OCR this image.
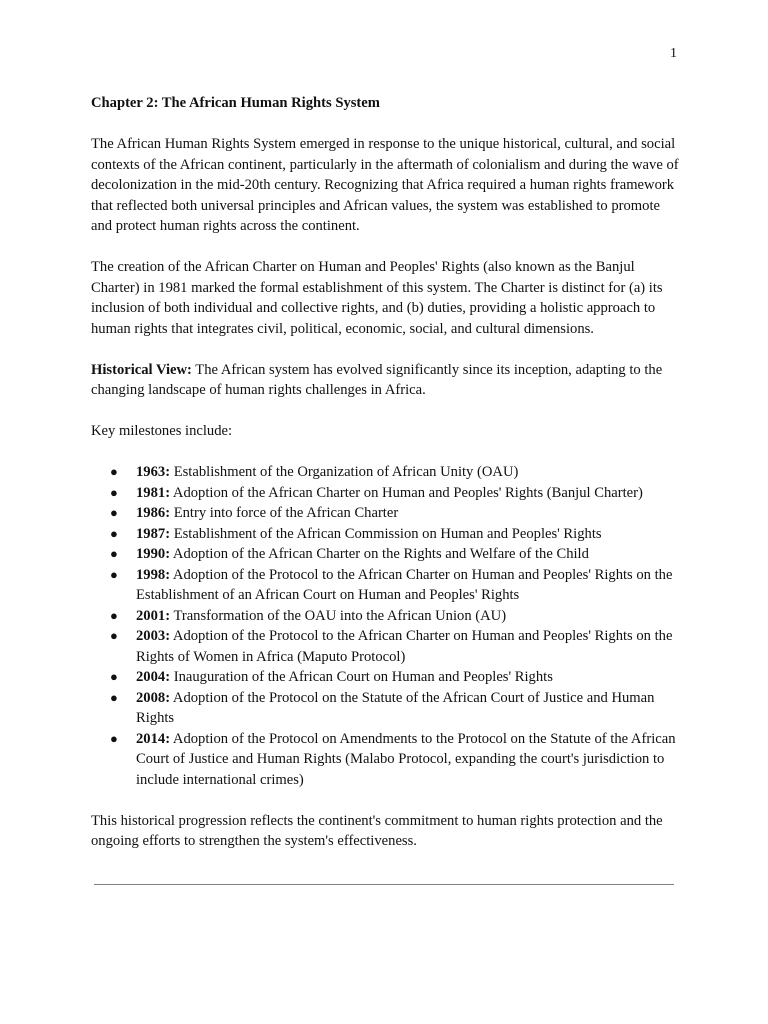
1
Chapter 2: The African Human Rights System

The African Human Rights System emerged in response to the unique historical, cultural, and social contexts of the African continent, particularly in the aftermath of colonialism and during the wave of decolonization in the mid-20th century. Recognizing that Africa required a human rights framework that reflected both universal principles and African values, the system was established to promote and protect human rights across the continent.

The creation of the African Charter on Human and Peoples' Rights (also known as the Banjul Charter) in 1981 marked the formal establishment of this system. The Charter is distinct for (a) its inclusion of both individual and collective rights, and (b) duties, providing a holistic approach to human rights that integrates civil, political, economic, social, and cultural dimensions.

Historical View: The African system has evolved significantly since its inception, adapting to the changing landscape of human rights challenges in Africa.

Key milestones include:

● 1963: Establishment of the Organization of African Unity (OAU)
● 1981: Adoption of the African Charter on Human and Peoples' Rights (Banjul Charter)
● 1986: Entry into force of the African Charter
● 1987: Establishment of the African Commission on Human and Peoples' Rights
● 1990: Adoption of the African Charter on the Rights and Welfare of the Child
● 1998: Adoption of the Protocol to the African Charter on Human and Peoples' Rights on the Establishment of an African Court on Human and Peoples' Rights
● 2001: Transformation of the OAU into the African Union (AU)
● 2003: Adoption of the Protocol to the African Charter on Human and Peoples' Rights on the Rights of Women in Africa (Maputo Protocol)
● 2004: Inauguration of the African Court on Human and Peoples' Rights
● 2008: Adoption of the Protocol on the Statute of the African Court of Justice and Human Rights
● 2014: Adoption of the Protocol on Amendments to the Protocol on the Statute of the African Court of Justice and Human Rights (Malabo Protocol, expanding the court's jurisdiction to include international crimes)

This historical progression reflects the continent's commitment to human rights protection and the ongoing efforts to strengthen the system's effectiveness.
